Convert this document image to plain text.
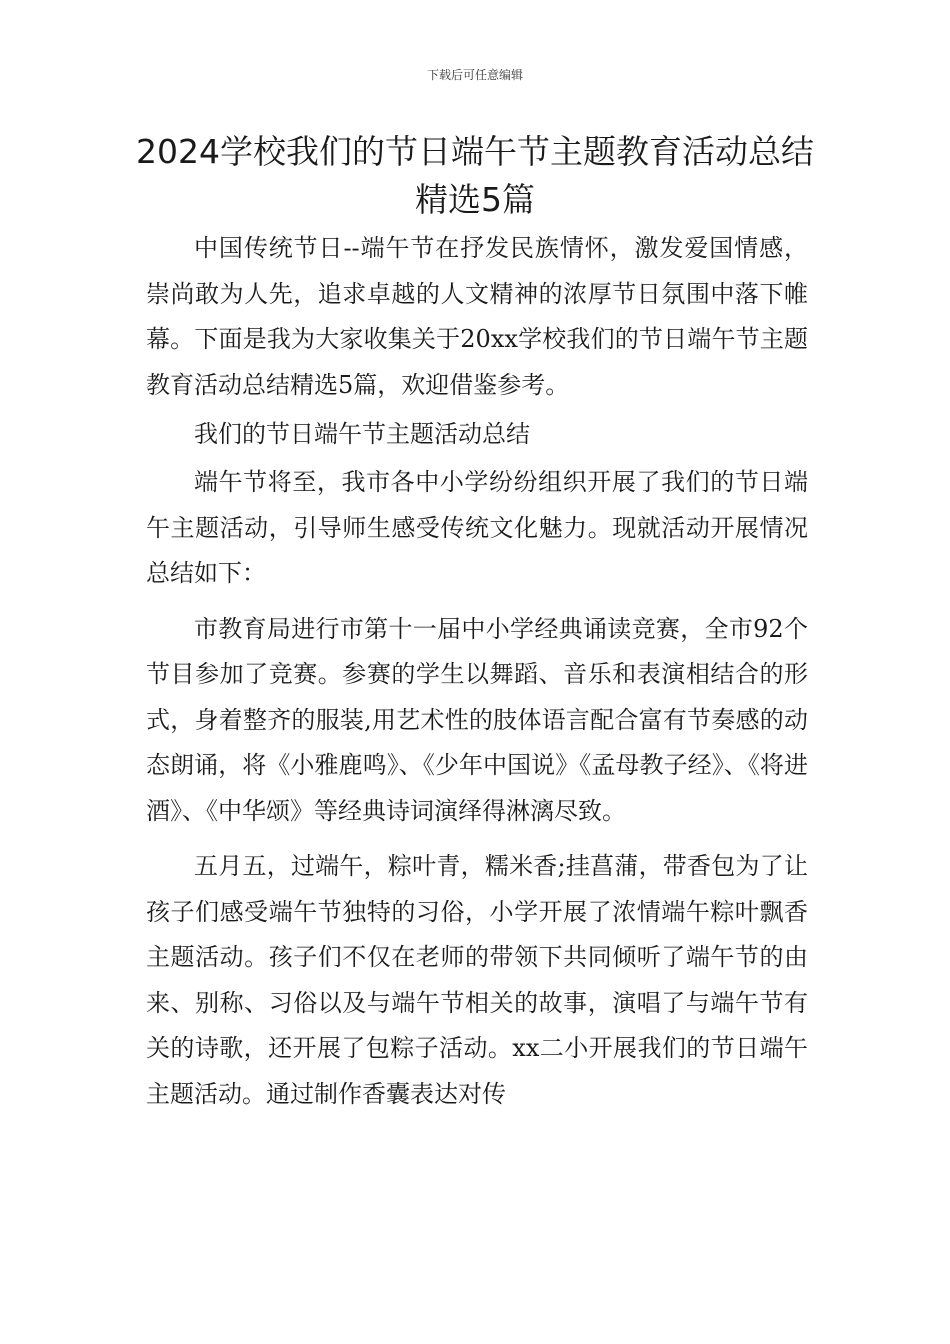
下载后可任意编辑
2024学校我们的节日端午节主题教育活动总结精选5篇

中国传统节日--端午节在抒发民族情怀，激发爱国情感，崇尚敢为人先，追求卓越的人文精神的浓厚节日氛围中落下帷幕。下面是我为大家收集关于20xx学校我们的节日端午节主题教育活动总结精选5篇，欢迎借鉴参考。

我们的节日端午节主题活动总结

端午节将至，我市各中小学纷纷组织开展了我们的节日端午主题活动，引导师生感受传统文化魅力。现就活动开展情况总结如下：

市教育局进行市第十一届中小学经典诵读竞赛，全市92个节目参加了竞赛。参赛的学生以舞蹈、音乐和表演相结合的形式，身着整齐的服装,用艺术性的肢体语言配合富有节奏感的动态朗诵，将《小雅鹿鸣》、《少年中国说》《孟母教子经》、《将进酒》、《中华颂》等经典诗词演绎得淋漓尽致。

五月五，过端午，粽叶青，糯米香;挂菖蒲，带香包为了让孩子们感受端午节独特的习俗，小学开展了浓情端午粽叶飘香主题活动。孩子们不仅在老师的带领下共同倾听了端午节的由来、别称、习俗以及与端午节相关的故事，演唱了与端午节有关的诗歌，还开展了包粽子活动。xx二小开展我们的节日端午主题活动。通过制作香囊表达对传
